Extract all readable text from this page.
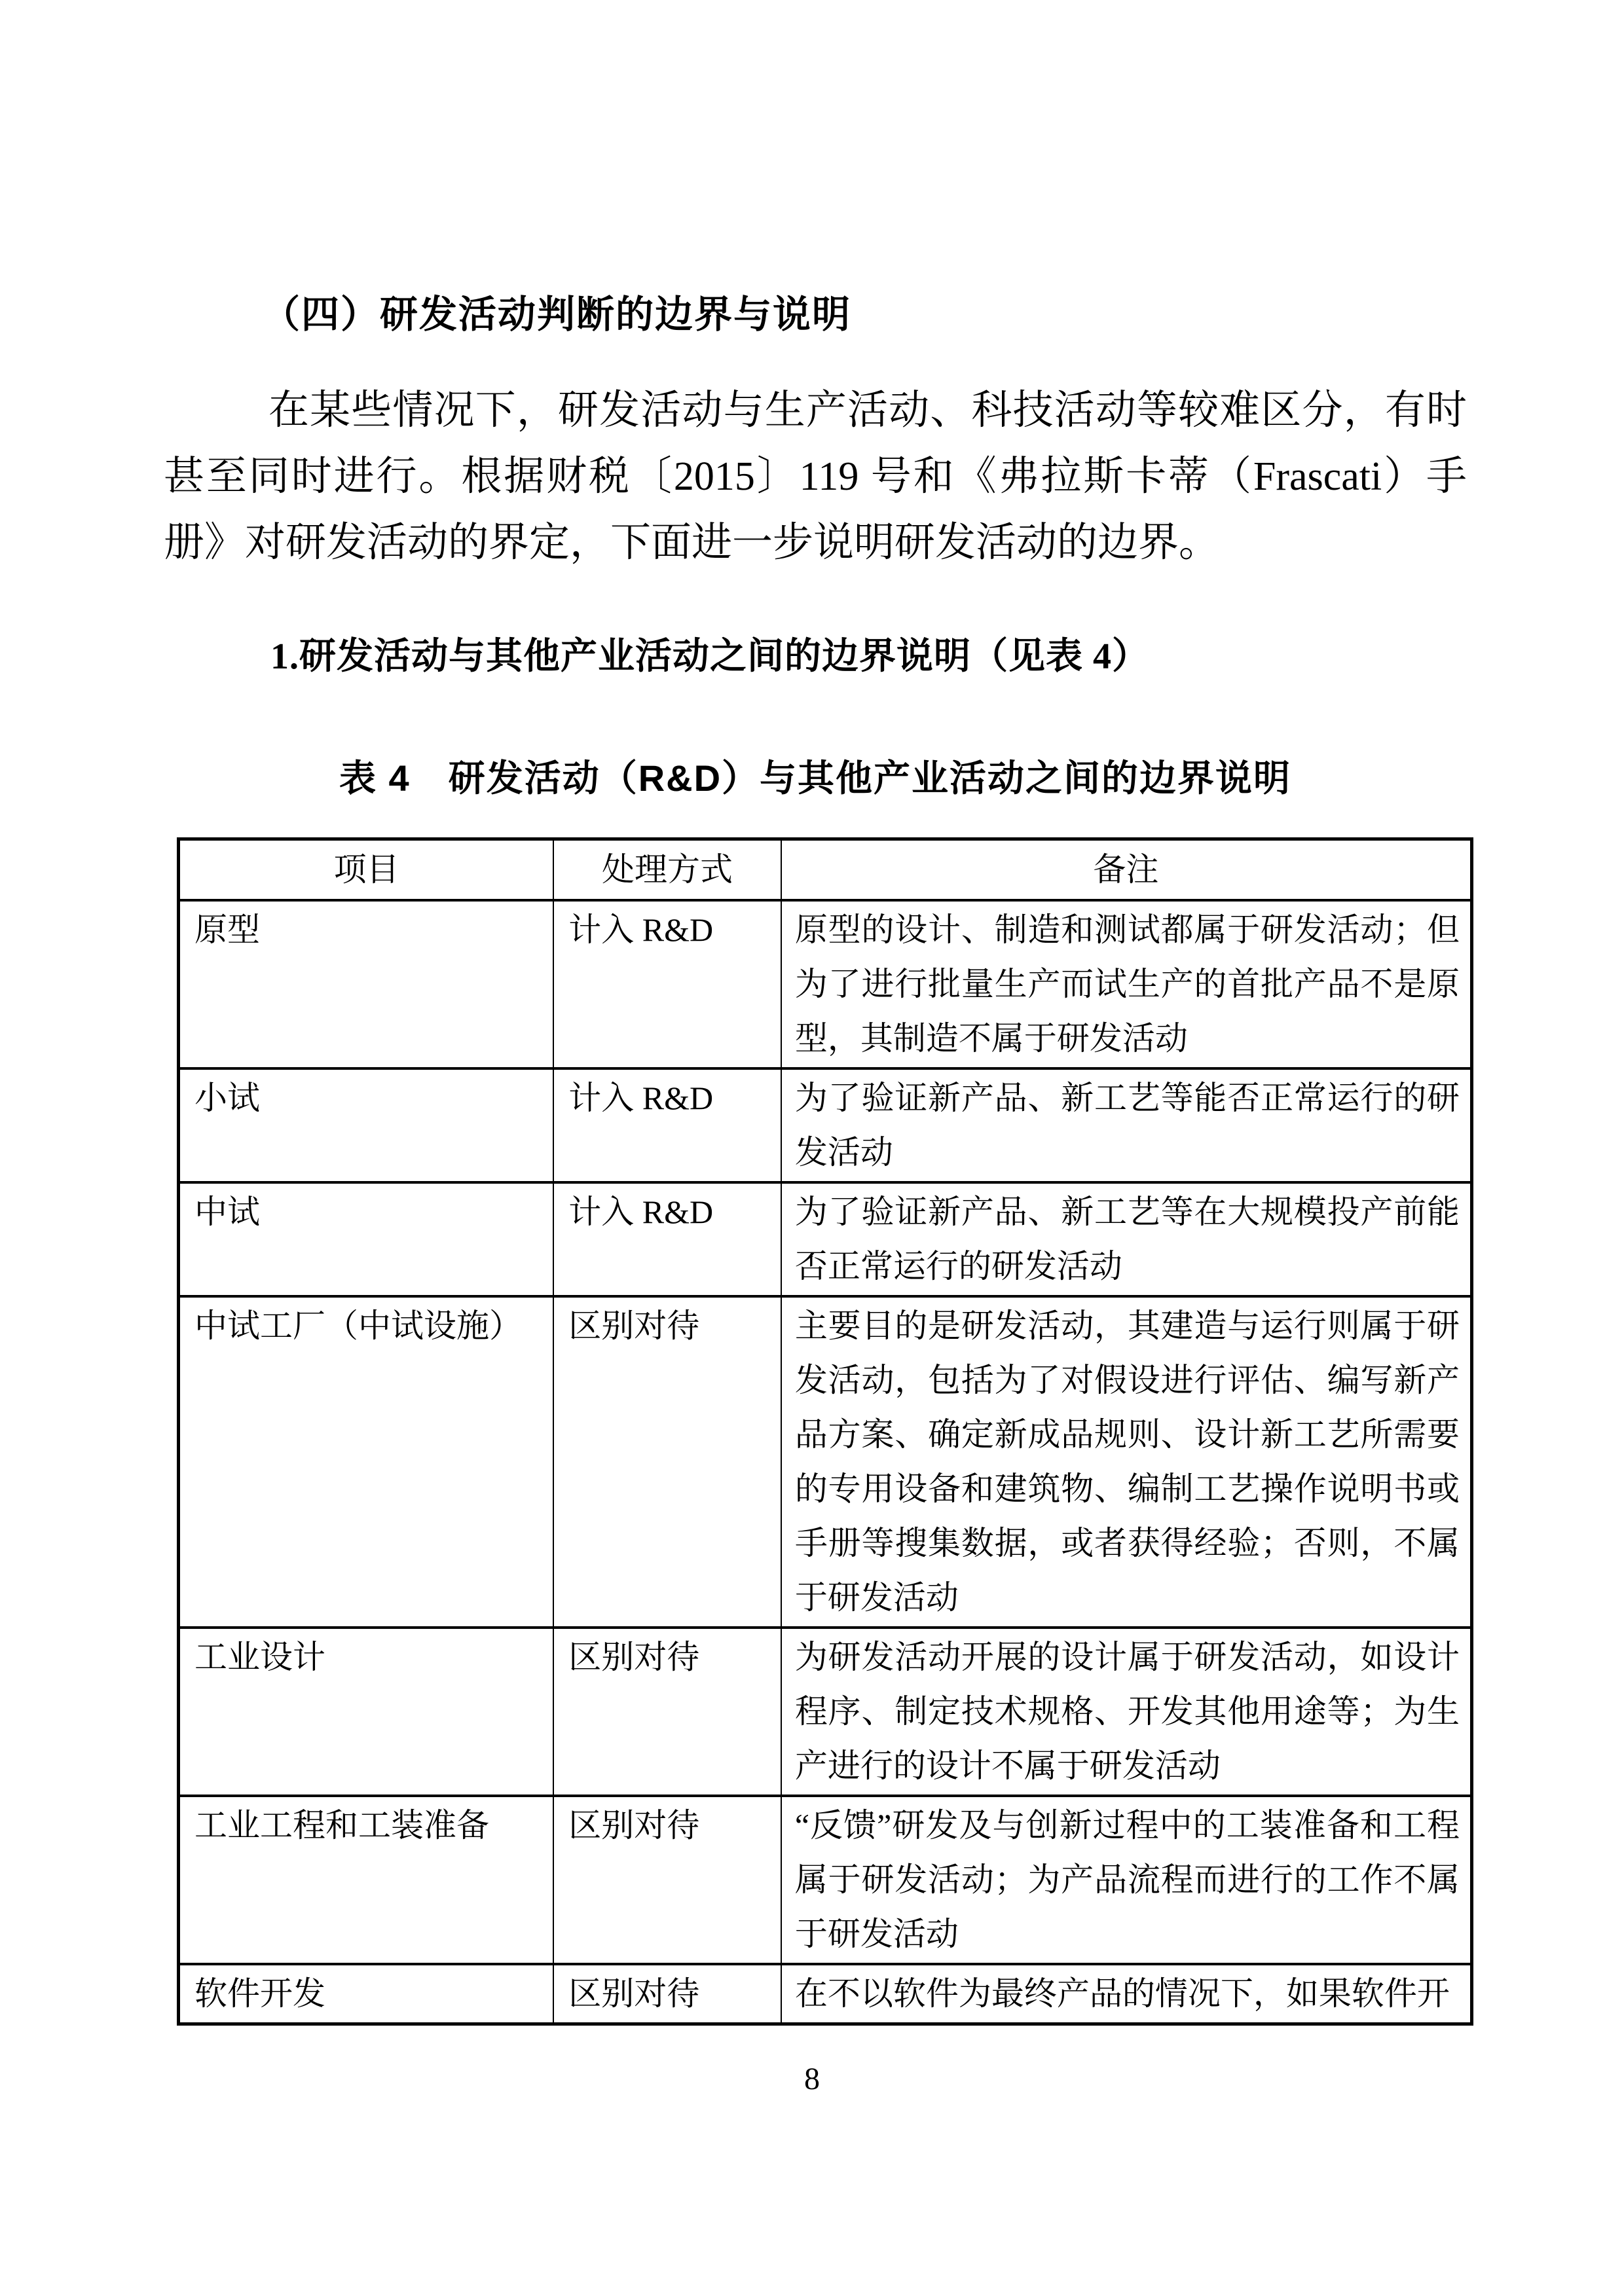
（四）研发活动判断的边界与说明
在某些情况下，研发活动与生产活动、科技活动等较难区分，有时甚至同时进行。根据财税〔2015〕119 号和《弗拉斯卡蒂（Frascati）手册》对研发活动的界定，下面进一步说明研发活动的边界。
1.研发活动与其他产业活动之间的边界说明（见表 4）
表 4　研发活动（R&D）与其他产业活动之间的边界说明
项目	处理方式	备注
原型	计入 R&D	原型的设计、制造和测试都属于研发活动；但为了进行批量生产而试生产的首批产品不是原型，其制造不属于研发活动
小试	计入 R&D	为了验证新产品、新工艺等能否正常运行的研发活动
中试	计入 R&D	为了验证新产品、新工艺等在大规模投产前能否正常运行的研发活动
中试工厂（中试设施）	区别对待	主要目的是研发活动，其建造与运行则属于研发活动，包括为了对假设进行评估、编写新产品方案、确定新成品规则、设计新工艺所需要的专用设备和建筑物、编制工艺操作说明书或手册等搜集数据，或者获得经验；否则，不属于研发活动
工业设计	区别对待	为研发活动开展的设计属于研发活动，如设计程序、制定技术规格、开发其他用途等；为生产进行的设计不属于研发活动
工业工程和工装准备	区别对待	“反馈”研发及与创新过程中的工装准备和工程属于研发活动；为产品流程而进行的工作不属于研发活动
软件开发	区别对待	在不以软件为最终产品的情况下，如果软件开
8
